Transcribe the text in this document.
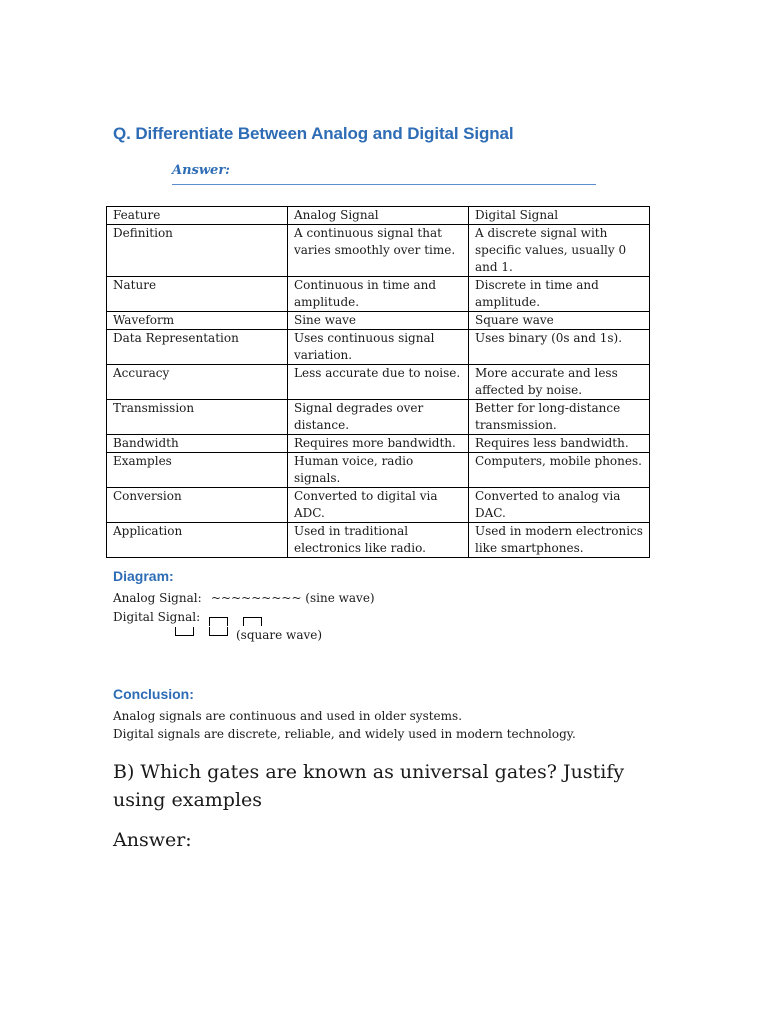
Q. Differentiate Between Analog and Digital Signal
Answer:
Feature	Analog Signal	Digital Signal
Definition	A continuous signal that varies smoothly over time.	A discrete signal with specific values, usually 0 and 1.
Nature	Continuous in time and amplitude.	Discrete in time and amplitude.
Waveform	Sine wave	Square wave
Data Representation	Uses continuous signal variation.	Uses binary (0s and 1s).
Accuracy	Less accurate due to noise.	More accurate and less affected by noise.
Transmission	Signal degrades over distance.	Better for long-distance transmission.
Bandwidth	Requires more bandwidth.	Requires less bandwidth.
Examples	Human voice, radio signals.	Computers, mobile phones.
Conversion	Converted to digital via ADC.	Converted to analog via DAC.
Application	Used in traditional electronics like radio.	Used in modern electronics like smartphones.
Diagram:
Analog Signal: ~~~~~~~~~ (sine wave)
Digital Signal:
(square wave)
Conclusion:
Analog signals are continuous and used in older systems.
Digital signals are discrete, reliable, and widely used in modern technology.
B) Which gates are known as universal gates? Justify using examples
Answer:
